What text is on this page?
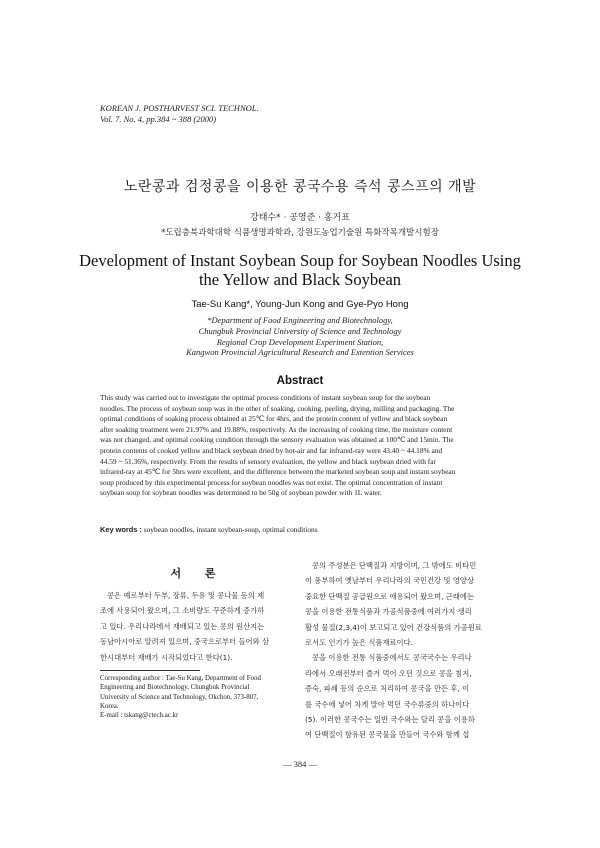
KOREAN J. POSTHARVEST SCI. TECHNOL.
Vol. 7. No. 4, pp.384 ~ 388 (2000)
노란콩과 검정콩을 이용한 콩국수용 즉석 콩스프의 개발
강태수* · 공영준 · 홍거표
*도립충북과학대학 식품생명과학과, 강원도농업기술원 특화작목개발시험장
Development of Instant Soybean Soup for Soybean Noodles Using
the Yellow and Black Soybean
Tae-Su Kang*, Young-Jun Kong and Gye-Pyo Hong
*Department of Food Engineering and Biotechnology,
Chungbuk Provincial University of Science and Technology
Regional Crop Development Experiment Station,
Kangwon Provincial Agricultural Research and Extention Services
Abstract
This study was carried out to investigate the optimal process conditions of instant soybean soup for the soybean
noodles. The process of soybean soup was in the other of soaking, cooking, peeling, drying, milling and packaging. The
optimal conditions of soaking process obtained at 25℃ for 4hrs, and the protein content of yellow and black soybean
after soaking treatment were 21.97% and 19.88%, respectively. As the increasing of cooking time, the moisture content
was not changed, and optimal cooking condition through the sensory evaluation was obtained at 100℃ and 15min. The
protein contents of cooked yellow and black soybean dried by hot-air and far infrared-ray were 43.40 ~ 44.18% and
44.59 ~ 51.36%, respectively. From the results of sensory evaluation, the yellow and black soybean dried with far
infrared-ray at 45℃ for 5hrs were excellent, and the difference between the marketed soybean soup and instant soybean
soup produced by this experimental process for soybean noodles was not exist. The optimal concentration of instant
soybean soup for soybean noodles was determined to be 50g of soybean powder with 1L water.
Key words : soybean noodles, instant soybean-soup, optimal conditions
서 론
콩은 예로부터 두부, 장류, 두유 및 콩나물 등의 제
조에 사용되어 왔으며, 그 소비량도 꾸준하게 증가하
고 있다. 우리나라에서 재배되고 있는 콩의 원산지는
동남아시아로 알려져 있으며, 중국으로부터 들어와 삼
한시대부터 재배가 시작되었다고 한다(1).
콩의 주성분은 단백질과 지방이며, 그 밖에도 비타민
이 풍부하여 옛날부터 우리나라의 국민건강 및 영양상
중요한 단백질 공급원으로 애용되어 왔으며, 근래에는
콩을 이용한 전통식품과 가공식품중에 여러가지 생리
활성 물질(2,3,4)이 보고되고 있어 건강식품의 가공원료
로서도 인기가 높은 식품재료이다.
콩을 이용한 전통 식품중에서도 콩국국수는 우리나
라에서 오래전부터 즐겨 먹어 오던 것으로 콩을 침지,
증숙, 파쇄 등의 순으로 처리하여 콩국을 만든 후, 이
를 국수에 넣어 차게 말아 먹던 국수류중의 하나이다
(5). 이러한 콩국수는 일반 국수와는 달리 콩을 이용하
여 단백질이 함유된 콩국물을 만들어 국수와 함께 섭
Corresponding author : Tae-Su Kang, Department of Food
Engineering and Biotechnology, Chungbuk Provincial
University of Science and Technology, Okchon, 373-807,
Korea.
E-mail : tskang@ctech.ac.kr
— 384 —
